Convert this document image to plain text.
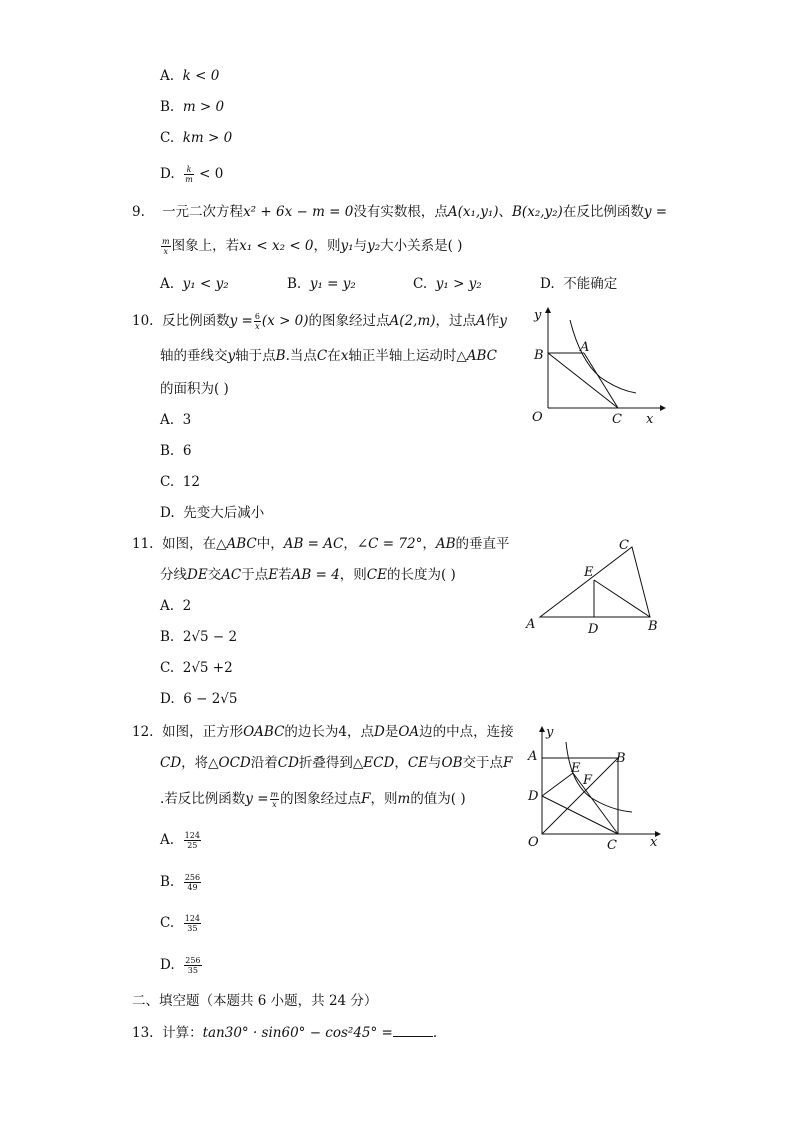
A. k < 0
B. m > 0
C. km > 0
D. $\frac{k}{m} < 0$
9. 一元二次方程x² + 6x − m = 0没有实数根，点A(x₁,y₁)、B(x₂,y₂)在反比例函数y =
$\frac{m}{x}$ 图象上，若x₁ < x₂ < 0，则y₁与y₂大小关系是( )
A. y₁ < y₂	B. y₁ = y₂	C. y₁ > y₂	D. 不能确定
10. 反比例函数$y = \frac{6}{x} (x > 0)$的图象经过点A(2,m)，过点A作y
轴的垂线交y轴于点B.当点C在x轴正半轴上运动时△ABC
的面积为( )
A. 3
B. 6
C. 12
D. 先变大后减小
y
B
A
O	C x
11. 如图，在△ABC中，AB = AC，∠C = 72°，AB的垂直平
分线DE交AC于点E若AB = 4，则CE的长度为( )
A. 2
B. 2√5 − 2
C. 2√5 +2
D. 6 − 2√5
C
E
A	D	B
12. 如图，正方形OABC的边长为4，点D是OA边的中点，连接
CD，将△OCD沿着CD折叠得到△ECD，CE与OB交于点F
.若反比例函数$y = \frac{m}{x}$ 的图象经过点F，则m的值为( )
A. $\frac{124}{25}$
B. $\frac{256}{49}$
C. $\frac{124}{35}$
D. $\frac{256}{35}$
y
A	B
E
F
D
O	C	x
二、填空题（本题共 6 小题，共 24 分）
13. 计算：tan30° · sin60° − cos²45° =	.
